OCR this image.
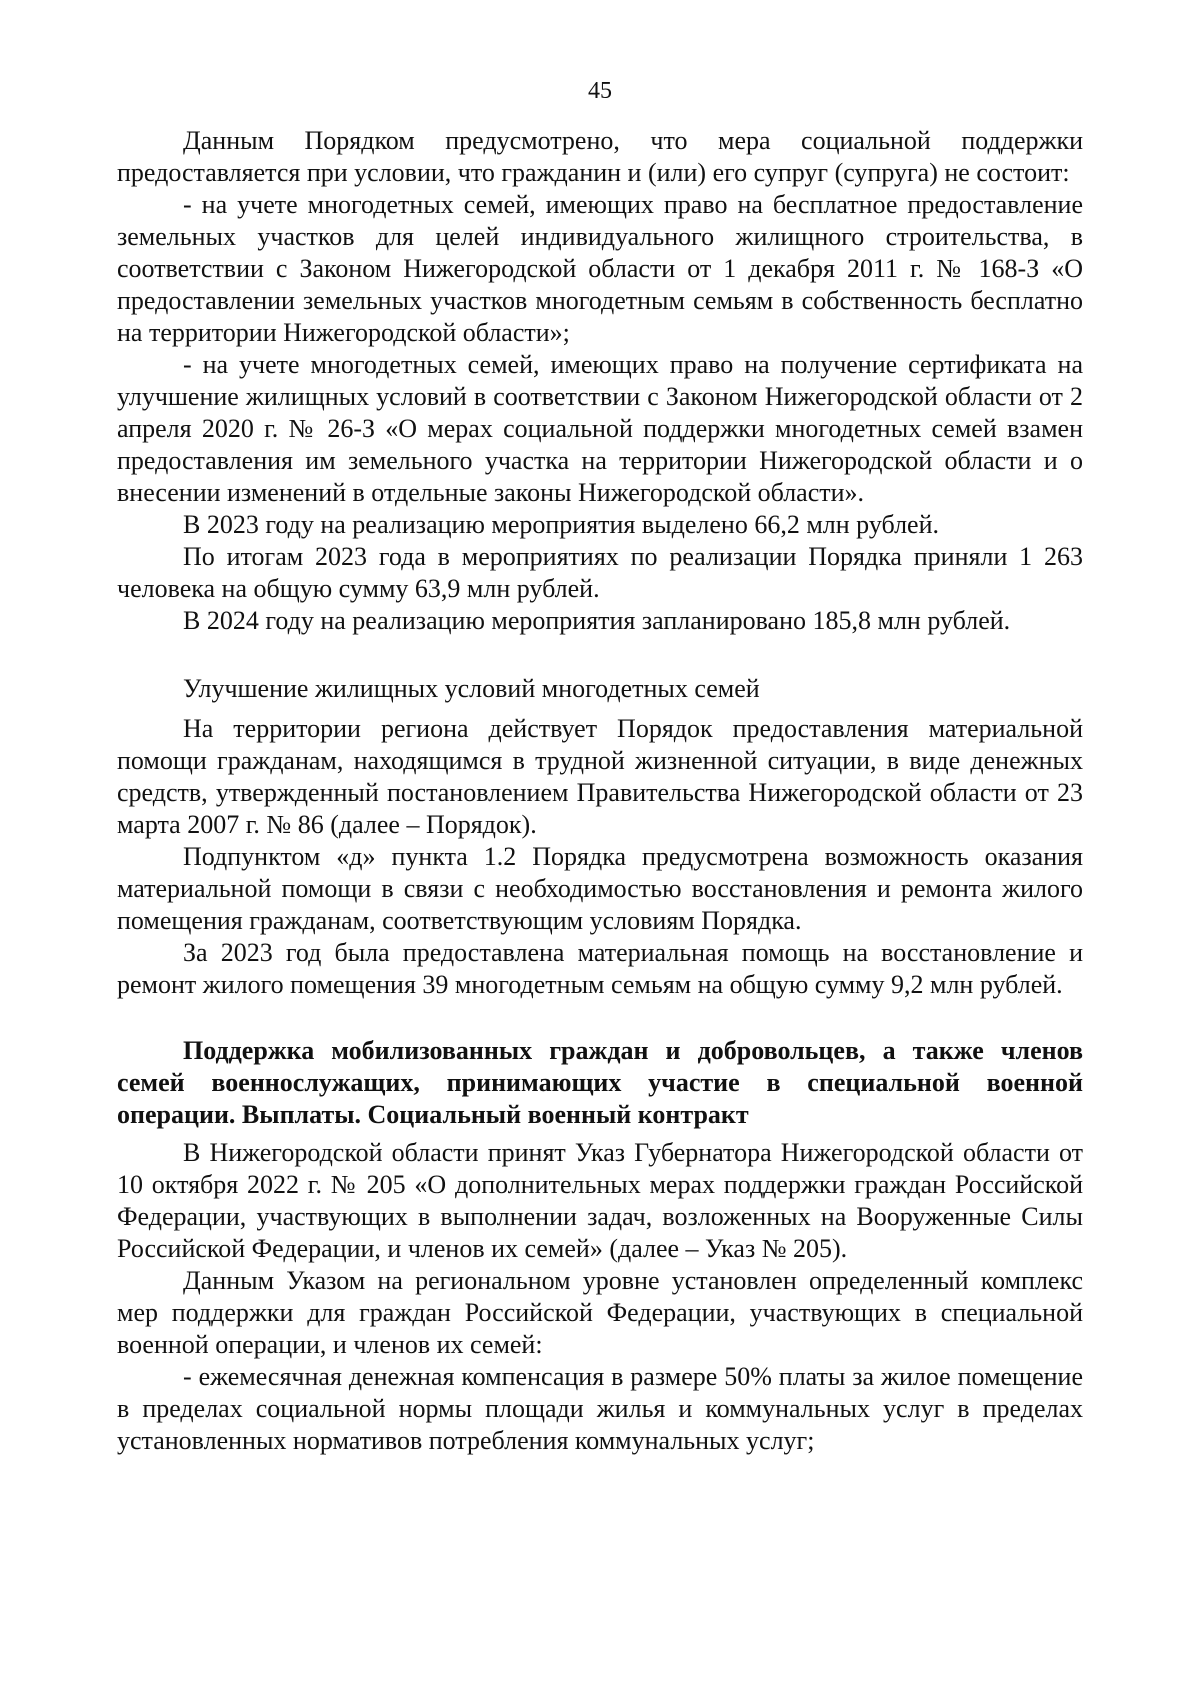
45

Данным Порядком предусмотрено, что мера социальной поддержки предоставляется при условии, что гражданин и (или) его супруг (супруга) не состоит:

- на учете многодетных семей, имеющих право на бесплатное предоставление земельных участков для целей индивидуального жилищного строительства, в соответствии с Законом Нижегородской области от 1 декабря 2011 г. № 168-З «О предоставлении земельных участков многодетным семьям в собственность бесплатно на территории Нижегородской области»;

- на учете многодетных семей, имеющих право на получение сертификата на улучшение жилищных условий в соответствии с Законом Нижегородской области от 2 апреля 2020 г. № 26-З «О мерах социальной поддержки многодетных семей взамен предоставления им земельного участка на территории Нижегородской области и о внесении изменений в отдельные законы Нижегородской области».

В 2023 году на реализацию мероприятия выделено 66,2 млн рублей.

По итогам 2023 года в мероприятиях по реализации Порядка приняли 1 263 человека на общую сумму 63,9 млн рублей.

В 2024 году на реализацию мероприятия запланировано 185,8 млн рублей.

Улучшение жилищных условий многодетных семей

На территории региона действует Порядок предоставления материальной помощи гражданам, находящимся в трудной жизненной ситуации, в виде денежных средств, утвержденный постановлением Правительства Нижегородской области от 23 марта 2007 г. № 86 (далее – Порядок).

Подпунктом «д» пункта 1.2 Порядка предусмотрена возможность оказания материальной помощи в связи с необходимостью восстановления и ремонта жилого помещения гражданам, соответствующим условиям Порядка.

За 2023 год была предоставлена материальная помощь на восстановление и ремонт жилого помещения 39 многодетным семьям на общую сумму 9,2 млн рублей.

Поддержка мобилизованных граждан и добровольцев, а также членов семей военнослужащих, принимающих участие в специальной военной операции. Выплаты. Социальный военный контракт

В Нижегородской области принят Указ Губернатора Нижегородской области от 10 октября 2022 г. № 205 «О дополнительных мерах поддержки граждан Российской Федерации, участвующих в выполнении задач, возложенных на Вооруженные Силы Российской Федерации, и членов их семей» (далее – Указ № 205).

Данным Указом на региональном уровне установлен определенный комплекс мер поддержки для граждан Российской Федерации, участвующих в специальной военной операции, и членов их семей:

- ежемесячная денежная компенсация в размере 50% платы за жилое помещение в пределах социальной нормы площади жилья и коммунальных услуг в пределах установленных нормативов потребления коммунальных услуг;
